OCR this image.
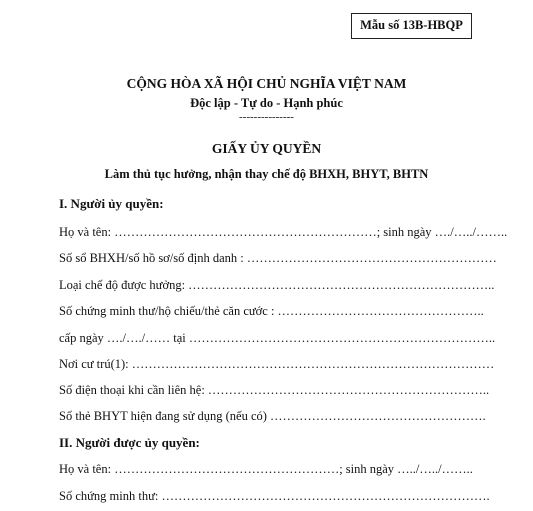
Mẫu số 13B-HBQP
CỘNG HÒA XÃ HỘI CHỦ NGHĨA VIỆT NAM
Độc lập - Tự do - Hạnh phúc
---------------
GIẤY ỦY QUYỀN
Làm thủ tục hưởng, nhận thay chế độ BHXH, BHYT, BHTN
I. Người ủy quyền:
Họ và tên: ………………………………………………………; sinh ngày …./…../……..
Số sổ BHXH/số hồ sơ/số định danh : ……………………………………………………
Loại chế độ được hưởng: ………………………………………………………………..
Số chứng minh thư/hộ chiếu/thẻ căn cước : …………………………………………..
cấp ngày …./…./…… tại ………………………………………………………………..
Nơi cư trú(1): ……………………………………………………………………………
Số điện thoại khi cần liên hệ: …………………………………………………………..
Số thẻ BHYT hiện đang sử dụng (nếu có) …………………………………………….
II. Người được ủy quyền:
Họ và tên: ………………………………………………; sinh ngày …../…../……..
Số chứng minh thư: …………………………………………………………………….
